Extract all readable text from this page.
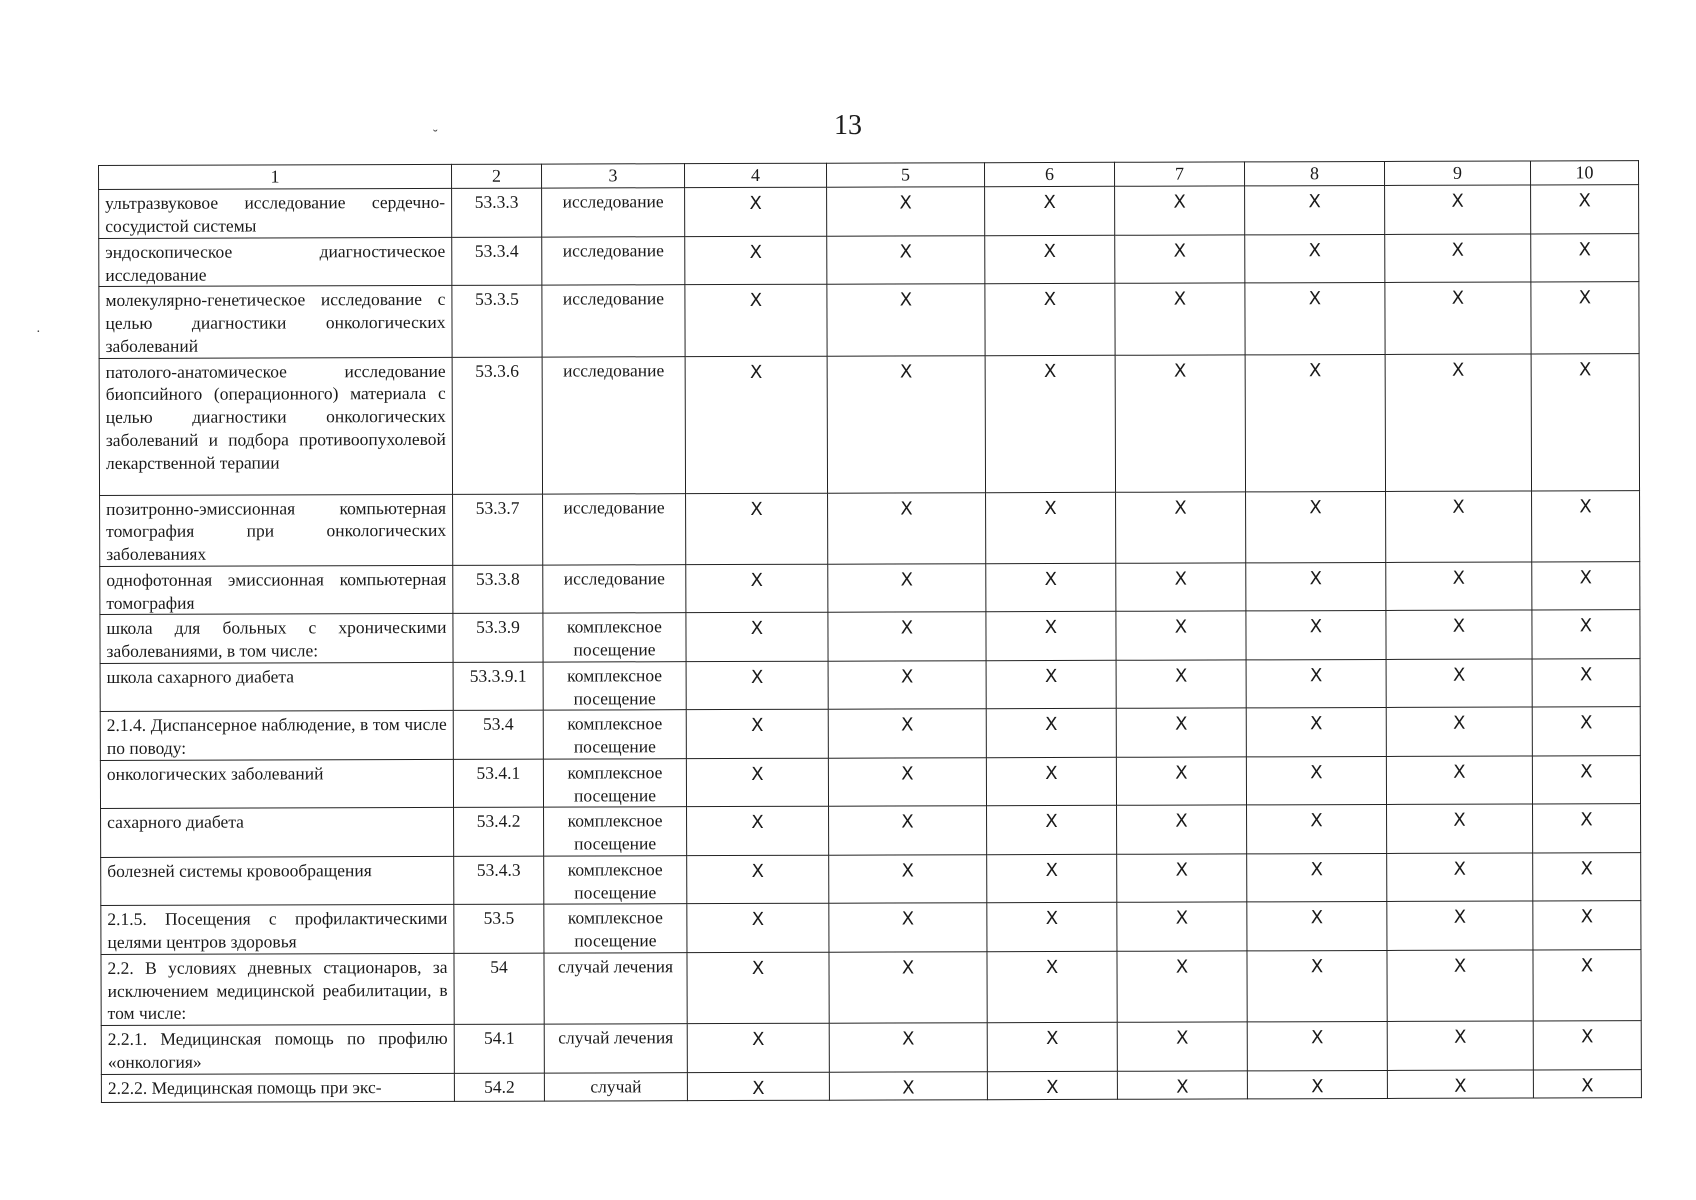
13
˘
·
1	2	3	4	5	6	7	8	9	10
ультразвуковое исследование сердечно-сосудистой системы	53.3.3	исследование	X	X	X	X	X	X	X
эндоскопическое диагностическое исследование	53.3.4	исследование	X	X	X	X	X	X	X
молекулярно-генетическое исследование с целью диагностики онкологических заболеваний	53.3.5	исследование	X	X	X	X	X	X	X
патолого-анатомическое исследование биопсийного (операционного) материала с целью диагностики онкологических заболеваний и подбора противоопухолевой лекарственной терапии	53.3.6	исследование	X	X	X	X	X	X	X
позитронно-эмиссионная компьютерная томография при онкологических заболеваниях	53.3.7	исследование	X	X	X	X	X	X	X
однофотонная эмиссионная компьютерная томография	53.3.8	исследование	X	X	X	X	X	X	X
школа для больных с хроническими заболеваниями, в том числе:	53.3.9	комплексное посещение	X	X	X	X	X	X	X
школа сахарного диабета	53.3.9.1	комплексное посещение	X	X	X	X	X	X	X
2.1.4. Диспансерное наблюдение, в том числе по поводу:	53.4	комплексное посещение	X	X	X	X	X	X	X
онкологических заболеваний	53.4.1	комплексное посещение	X	X	X	X	X	X	X
сахарного диабета	53.4.2	комплексное посещение	X	X	X	X	X	X	X
болезней системы кровообращения	53.4.3	комплексное посещение	X	X	X	X	X	X	X
2.1.5. Посещения с профилактическими целями центров здоровья	53.5	комплексное посещение	X	X	X	X	X	X	X
2.2. В условиях дневных стационаров, за исключением медицинской реабилитации, в том числе:	54	случай лечения	X	X	X	X	X	X	X
2.2.1. Медицинская помощь по профилю «онкология»	54.1	случай лечения	X	X	X	X	X	X	X
2.2.2. Медицинская помощь при экс-	54.2	случай	X	X	X	X	X	X	X
